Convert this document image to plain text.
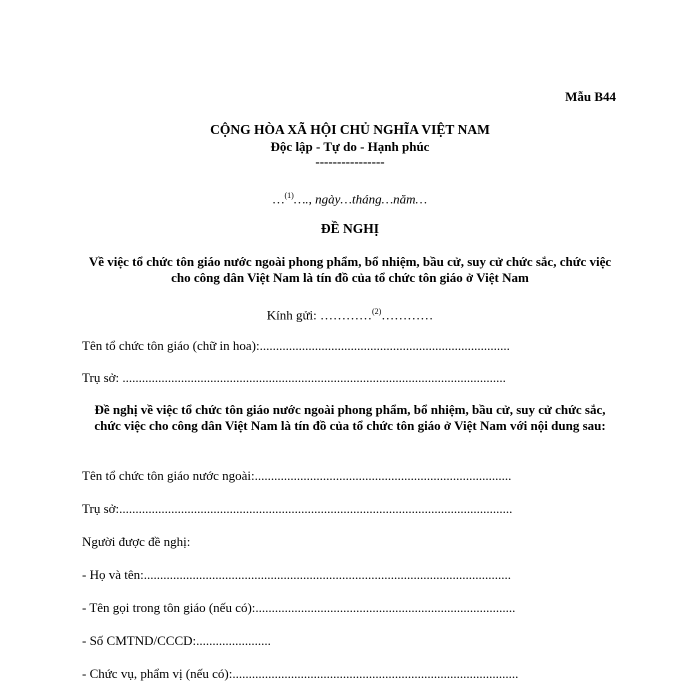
Mẫu B44
CỘNG HÒA XÃ HỘI CHỦ NGHĨA VIỆT NAM
Độc lập - Tự do - Hạnh phúc
----------------
…$^{(1)}$…., ngày…tháng…năm…
ĐỀ NGHỊ
Về việc tổ chức tôn giáo nước ngoài phong phẩm, bổ nhiệm, bầu cử, suy cử chức sắc, chức việc cho công dân Việt Nam là tín đồ của tổ chức tôn giáo ở Việt Nam
Kính gửi: …………$^{(2)}$…………
Tên tổ chức tôn giáo (chữ in hoa):.............................................................................
Trụ sở: ......................................................................................................................
Đề nghị về việc tổ chức tôn giáo nước ngoài phong phẩm, bổ nhiệm, bầu cử, suy cử chức sắc, chức việc cho công dân Việt Nam là tín đồ của tổ chức tôn giáo ở Việt Nam với nội dung sau:
Tên tổ chức tôn giáo nước ngoài:...............................................................................
Trụ sở:.........................................................................................................................
Người được đề nghị:
- Họ và tên:.................................................................................................................
- Tên gọi trong tôn giáo (nếu có):................................................................................
- Số CMTND/CCCD:.......................
- Chức vụ, phẩm vị (nếu có):........................................................................................
